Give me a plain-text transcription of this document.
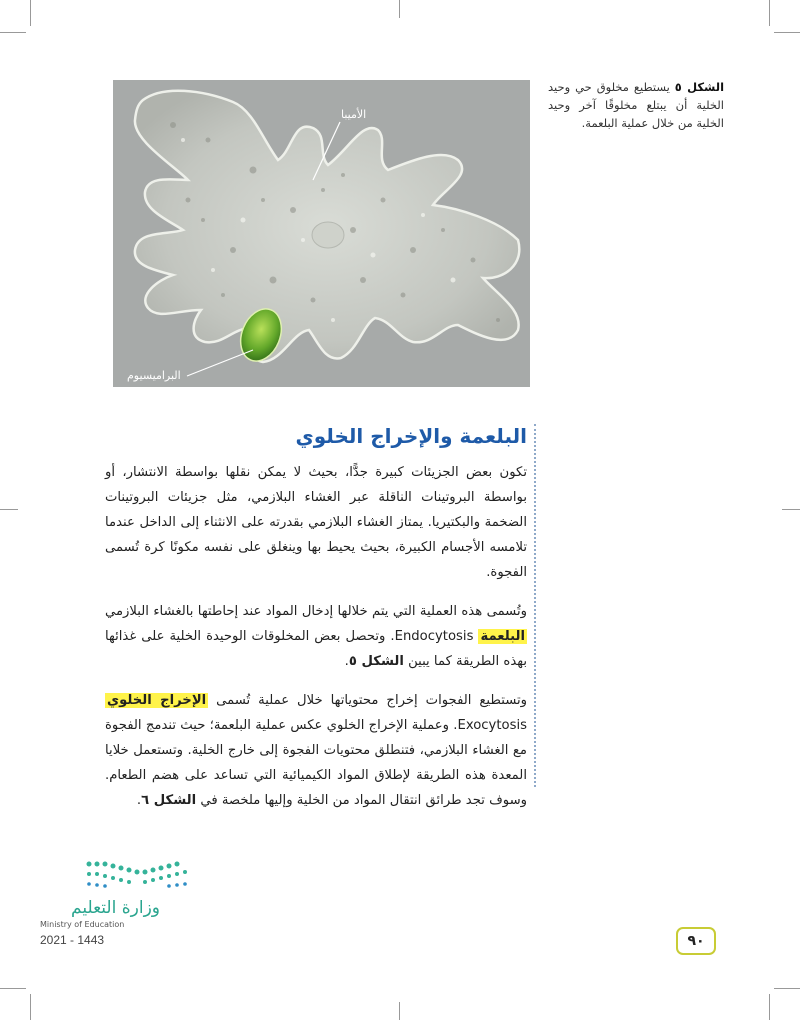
الأميبا
البراميسيوم
الشكل ٥ يستطيع مخلوق حي وحيد الخلية أن يبتلع مخلوقًا آخر وحيد الخلية من خلال عملية البلعمة.
البلعمة والإخراج الخلوي

تكون بعض الجزيئات كبيرة جدًّا، بحيث لا يمكن نقلها بواسطة الانتشار، أو بواسطة البروتينات الناقلة عبر الغشاء البلازمي، مثل جزيئات البروتينات الضخمة والبكتيريا. يمتاز الغشاء البلازمي بقدرته على الانثناء إلى الداخل عندما تلامسه الأجسام الكبيرة، بحيث يحيط بها وينغلق على نفسه مكونًا كرة تُسمى الفجوة.

وتُسمى هذه العملية التي يتم خلالها إدخال المواد عند إحاطتها بالغشاء البلازمي البلعمة Endocytosis. وتحصل بعض المخلوقات الوحيدة الخلية على غذائها بهذه الطريقة كما يبين الشكل ٥.

وتستطيع الفجوات إخراج محتوياتها خلال عملية تُسمى الإخراج الخلوي Exocytosis. وعملية الإخراج الخلوي عكس عملية البلعمة؛ حيث تندمج الفجوة مع الغشاء البلازمي، فتنطلق محتويات الفجوة إلى خارج الخلية. وتستعمل خلايا المعدة هذه الطريقة لإطلاق المواد الكيميائية التي تساعد على هضم الطعام. وسوف تجد طرائق انتقال المواد من الخلية وإليها ملخصة في الشكل ٦.

وزارة التعليم
Ministry of Education
2021 - 1443	٩٠
